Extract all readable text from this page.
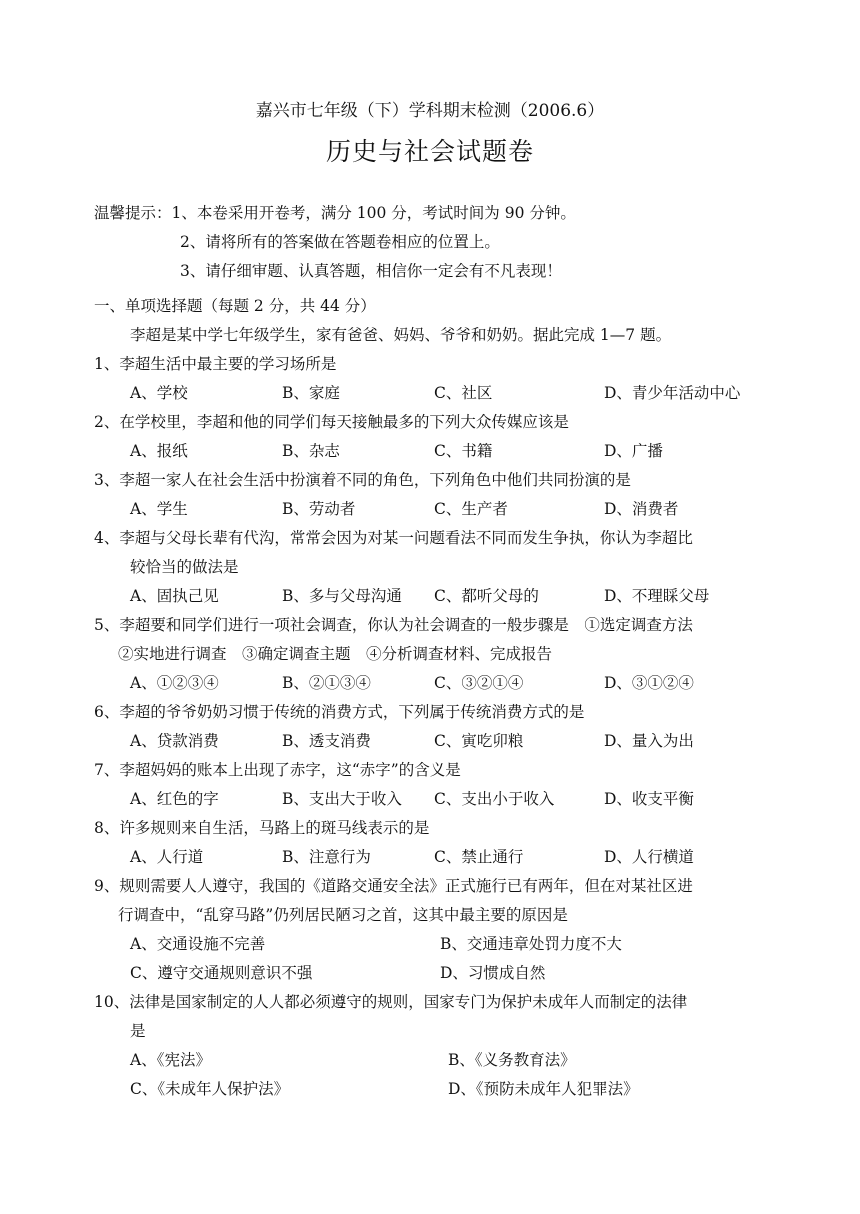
嘉兴市七年级（下）学科期末检测（2006.6）
历史与社会试题卷
温馨提示：1、本卷采用开卷考，满分 100 分，考试时间为 90 分钟。
2、请将所有的答案做在答题卷相应的位置上。
3、请仔细审题、认真答题，相信你一定会有不凡表现！
一、单项选择题（每题 2 分，共 44 分）
李超是某中学七年级学生，家有爸爸、妈妈、爷爷和奶奶。据此完成 1—7 题。
1、李超生活中最主要的学习场所是
A、学校	B、家庭	C、社区	D、青少年活动中心
2、在学校里，李超和他的同学们每天接触最多的下列大众传媒应该是
A、报纸	B、杂志	C、书籍	D、广播
3、李超一家人在社会生活中扮演着不同的角色，下列角色中他们共同扮演的是
A、学生	B、劳动者	C、生产者	D、消费者
4、李超与父母长辈有代沟，常常会因为对某一问题看法不同而发生争执，你认为李超比
较恰当的做法是
A、固执己见	B、多与父母沟通	C、都听父母的	D、不理睬父母
5、李超要和同学们进行一项社会调查，你认为社会调查的一般步骤是　①选定调查方法
②实地进行调查　③确定调查主题　④分析调查材料、完成报告
A、①②③④	B、②①③④	C、③②①④	D、③①②④
6、李超的爷爷奶奶习惯于传统的消费方式，下列属于传统消费方式的是
A、贷款消费	B、透支消费	C、寅吃卯粮	D、量入为出
7、李超妈妈的账本上出现了赤字，这“赤字”的含义是
A、红色的字	B、支出大于收入	C、支出小于收入	D、收支平衡
8、许多规则来自生活，马路上的斑马线表示的是
A、人行道	B、注意行为	C、禁止通行	D、人行横道
9、规则需要人人遵守，我国的《道路交通安全法》正式施行已有两年，但在对某社区进
行调查中，“乱穿马路”仍列居民陋习之首，这其中最主要的原因是
A、交通设施不完善	B、交通违章处罚力度不大
C、遵守交通规则意识不强	D、习惯成自然
10、法律是国家制定的人人都必须遵守的规则，国家专门为保护未成年人而制定的法律
是
A、《宪法》	B、《义务教育法》
C、《未成年人保护法》	D、《预防未成年人犯罪法》
